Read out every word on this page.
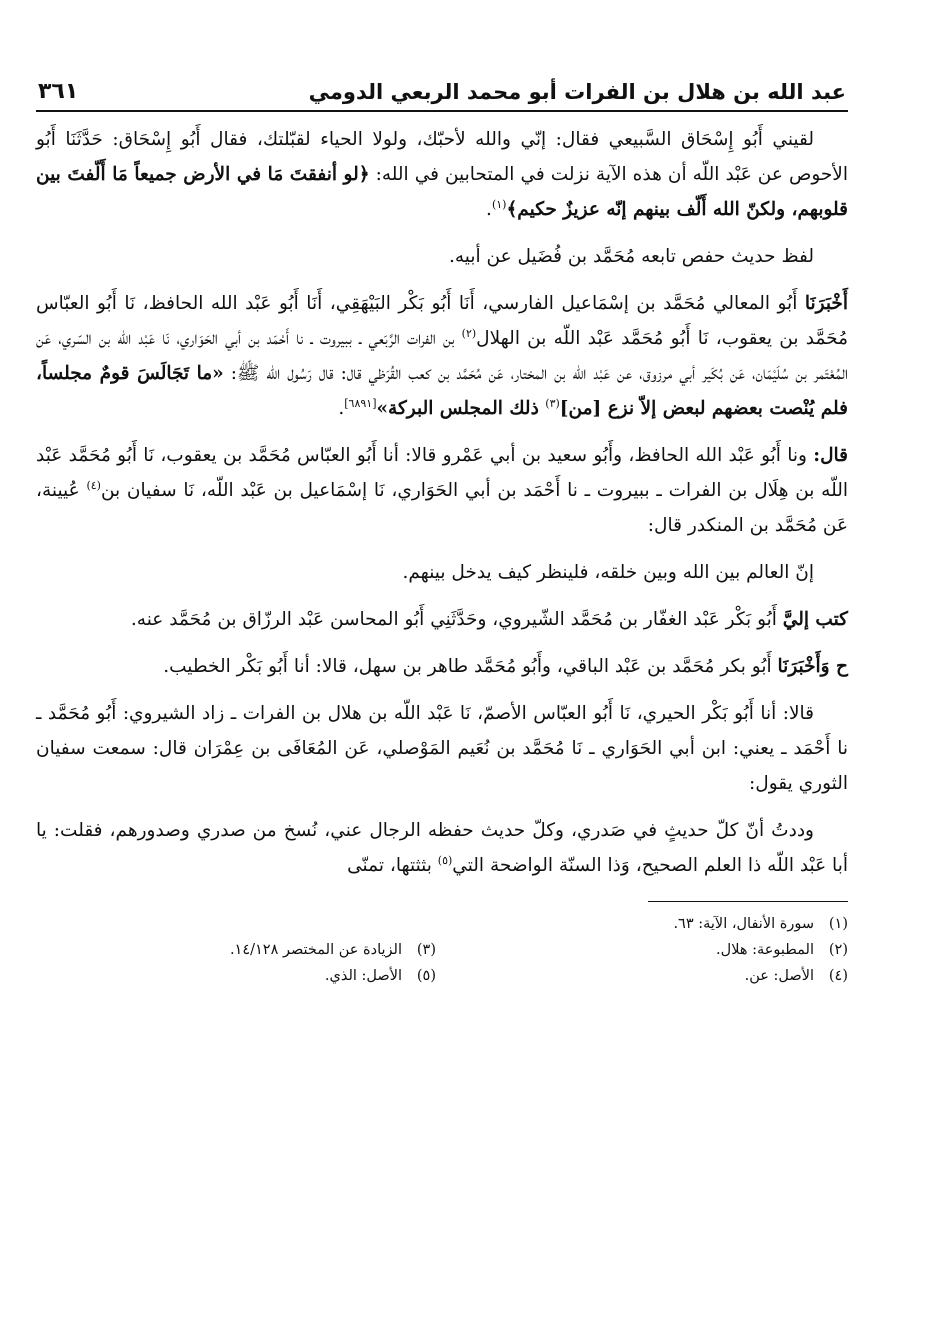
عبد الله بن هلال بن الفرات أبو محمد الربعي الدومي
٣٦١

لقيني أَبُو إِسْحَاق السَّبيعي فقال: إنّي والله لأحبّك، ولولا الحياء لقبّلتك، فقال أَبُو إِسْحَاق: حَدَّثَنَا أَبُو الأحوص عن عَبْد اللّه أن هذه الآية نزلت في المتحابين في الله: ﴿لو أنفقتَ مَا في الأرض جميعاً مَا أَلّفتَ بين قلوبهم، ولكنّ الله أَلّف بينهم إنّه عزيزٌ حكيم﴾$^{(١)}$.

لفظ حديث حفص تابعه مُحَمَّد بن فُضَيل عن أبيه.

أَخْبَرَنَا أَبُو المعالي مُحَمَّد بن إسْمَاعيل الفارسي، أَنَا أَبُو بَكْر البَيْهَقِي، أَنَا أَبُو عَبْد الله الحافظ، نَا أَبُو العبّاس مُحَمَّد بن يعقوب، نَا أَبُو مُحَمَّد عَبْد اللّه بن الهلال$^{(٢)}$ بن الفرات الرَّبَعي ـ ببيروت ـ نا أَحْمَد بن أبي الحَوَاري، نَا عَبْد الله بن السّري، عَن المُعْتَمر بن سُلَيْمَان، عَن بُكَير أبي مرزوق، عن عَبْد اللّه بن المختار، عَن مُحَمَّد بن كعب القُرَظي قال: قال رَسُول الله ﷺ: «ما تَجَالَسَ قومٌ مجلساً، فلم يُنْصت بعضهم لبعض إلاّ نزع [من]$^{(٣)}$ ذلك المجلس البركة»[٦٨٩١].

قال: ونا أَبُو عَبْد الله الحافظ، وأَبُو سعيد بن أبي عَمْرو قالا: أنا أَبُو العبّاس مُحَمَّد بن يعقوب، نَا أَبُو مُحَمَّد عَبْد اللّه بن هِلَال بن الفرات ـ ببيروت ـ نا أَحْمَد بن أبي الحَوَاري، نَا إسْمَاعيل بن عَبْد اللّه، نَا سفيان بن$^{(٤)}$ عُيينة، عَن مُحَمَّد بن المنكدر قال:

إنّ العالم بين الله وبين خلقه، فلينظر كيف يدخل بينهم.

كتب إليَّ أَبُو بَكْر عَبْد الغفّار بن مُحَمَّد الشّيروي، وحَدَّثَنِي أَبُو المحاسن عَبْد الرزّاق بن مُحَمَّد عنه.

ح وَأَخْبَرَنَا أَبُو بكر مُحَمَّد بن عَبْد الباقي، وأَبُو مُحَمَّد طاهر بن سهل، قالا: أنا أَبُو بَكْر الخطيب.

قالا: أنا أَبُو بَكْر الحيري، نَا أَبُو العبّاس الأصمّ، نَا عَبْد اللّه بن هلال بن الفرات ـ زاد الشيروي: أَبُو مُحَمَّد ـ نا أَحْمَد ـ يعني: ابن أبي الحَوَاري ـ نَا مُحَمَّد بن نُعَيم المَوْصلي، عَن المُعَافَى بن عِمْرَان قال: سمعت سفيان الثوري يقول:

وددتُ أنّ كلّ حديثٍ في صَدري، وكلّ حديث حفظه الرجال عني، نُسخ من صدري وصدورهم، فقلت: يا أبا عَبْد اللّه ذا العلم الصحيح، وَذا السنّة الواضحة التي$^{(٥)}$ بثثتها، تمنّى

(١)سورة الأنفال، الآية: ٦٣.
(٢)المطبوعة: هلال.
(٣)الزيادة عن المختصر ١٤/١٢٨.
(٤)الأصل: عن.
(٥)الأصل: الذي.
